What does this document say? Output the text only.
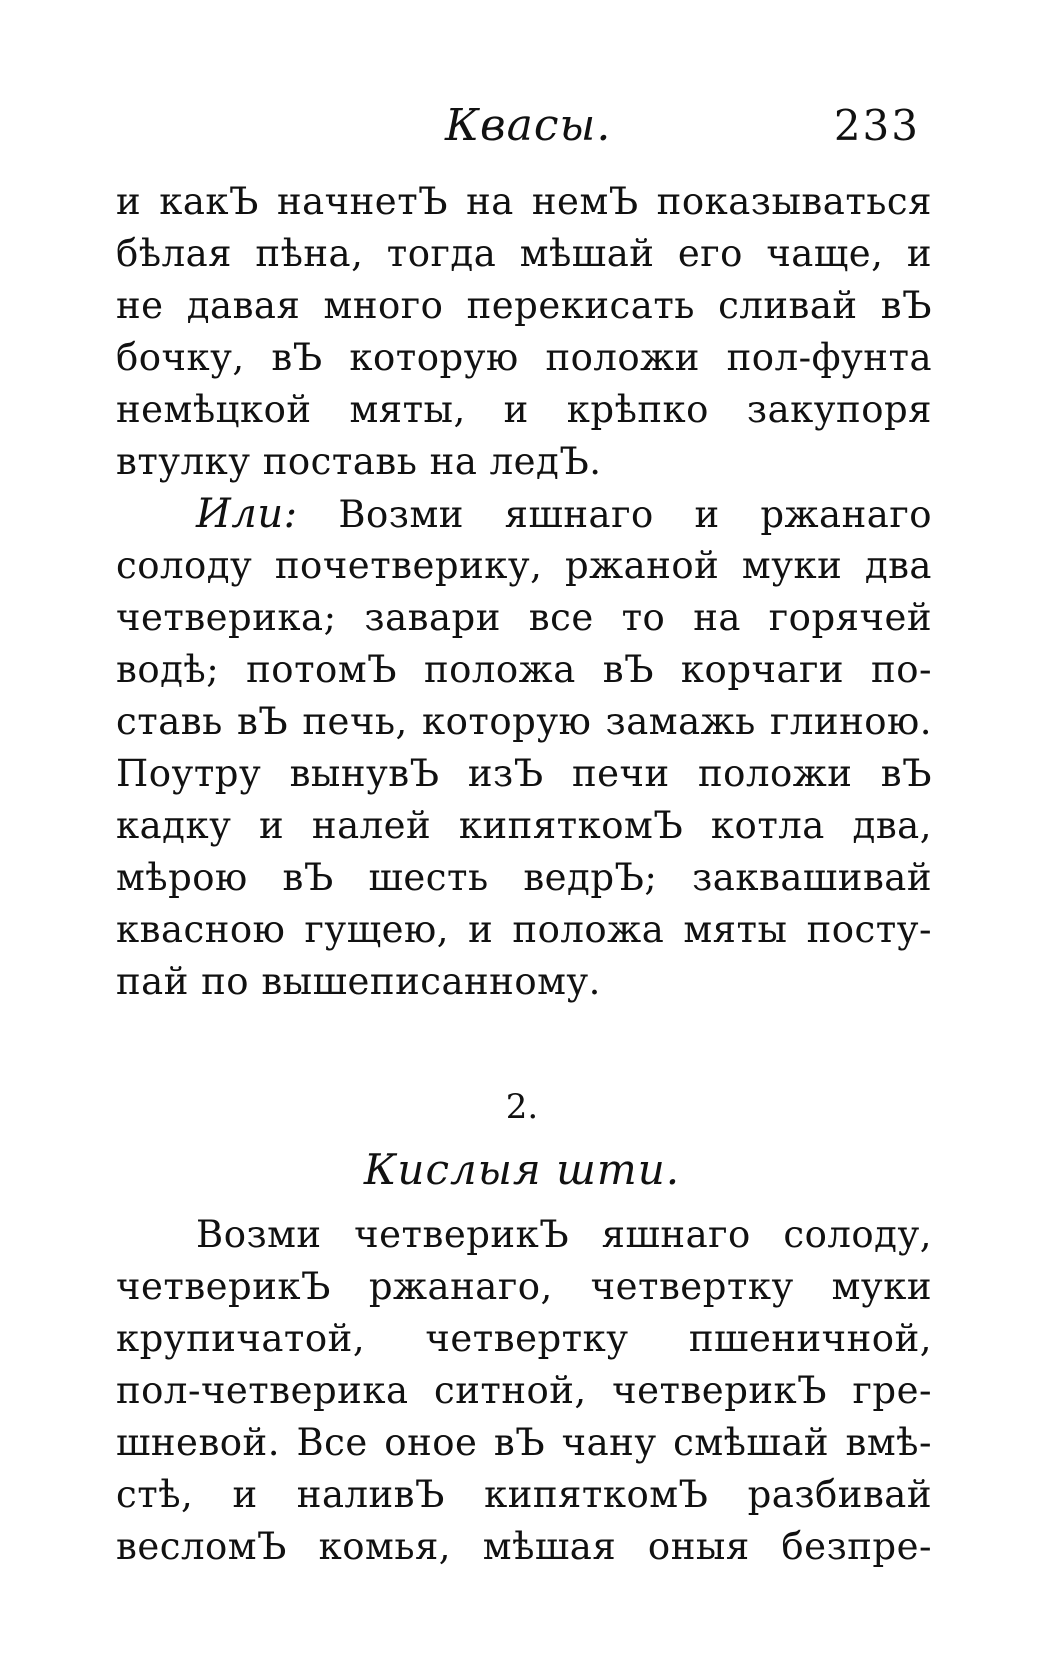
Квасы.	233
и какЪ начнетЪ на немЪ показываться
бѣлая пѣна, тогда мѣшай его чаще, и
не давая много перекисать сливай вЪ
бочку, вЪ которую положи пол-фунта
немѣцкой мяты, и крѣпко закупоря
втулку поставь на ледЪ.
Или: Возми яшнаго и ржанаго
солоду почетверику, ржаной муки два
четверика; завари все то на горячей
водѣ; потомЪ положа вЪ корчаги по-
ставь вЪ печь, которую замажь глиною.
Поутру вынувЪ изЪ печи положи вЪ
кадку и налей кипяткомЪ котла два,
мѣрою вЪ шесть ведрЪ; заквашивай
квасною гущею, и положа мяты посту-
пай по вышеписанному.
2.
Кислыя шти.
Возми четверикЪ яшнаго солоду,
четверикЪ ржанаго, четвертку муки
крупичатой, четвертку пшеничной,
пол-четверика ситной, четверикЪ гре-
шневой. Все оное вЪ чану смѣшай вмѣ-
стѣ, и наливЪ кипяткомЪ разбивай
весломЪ комья, мѣшая оныя безпре-
